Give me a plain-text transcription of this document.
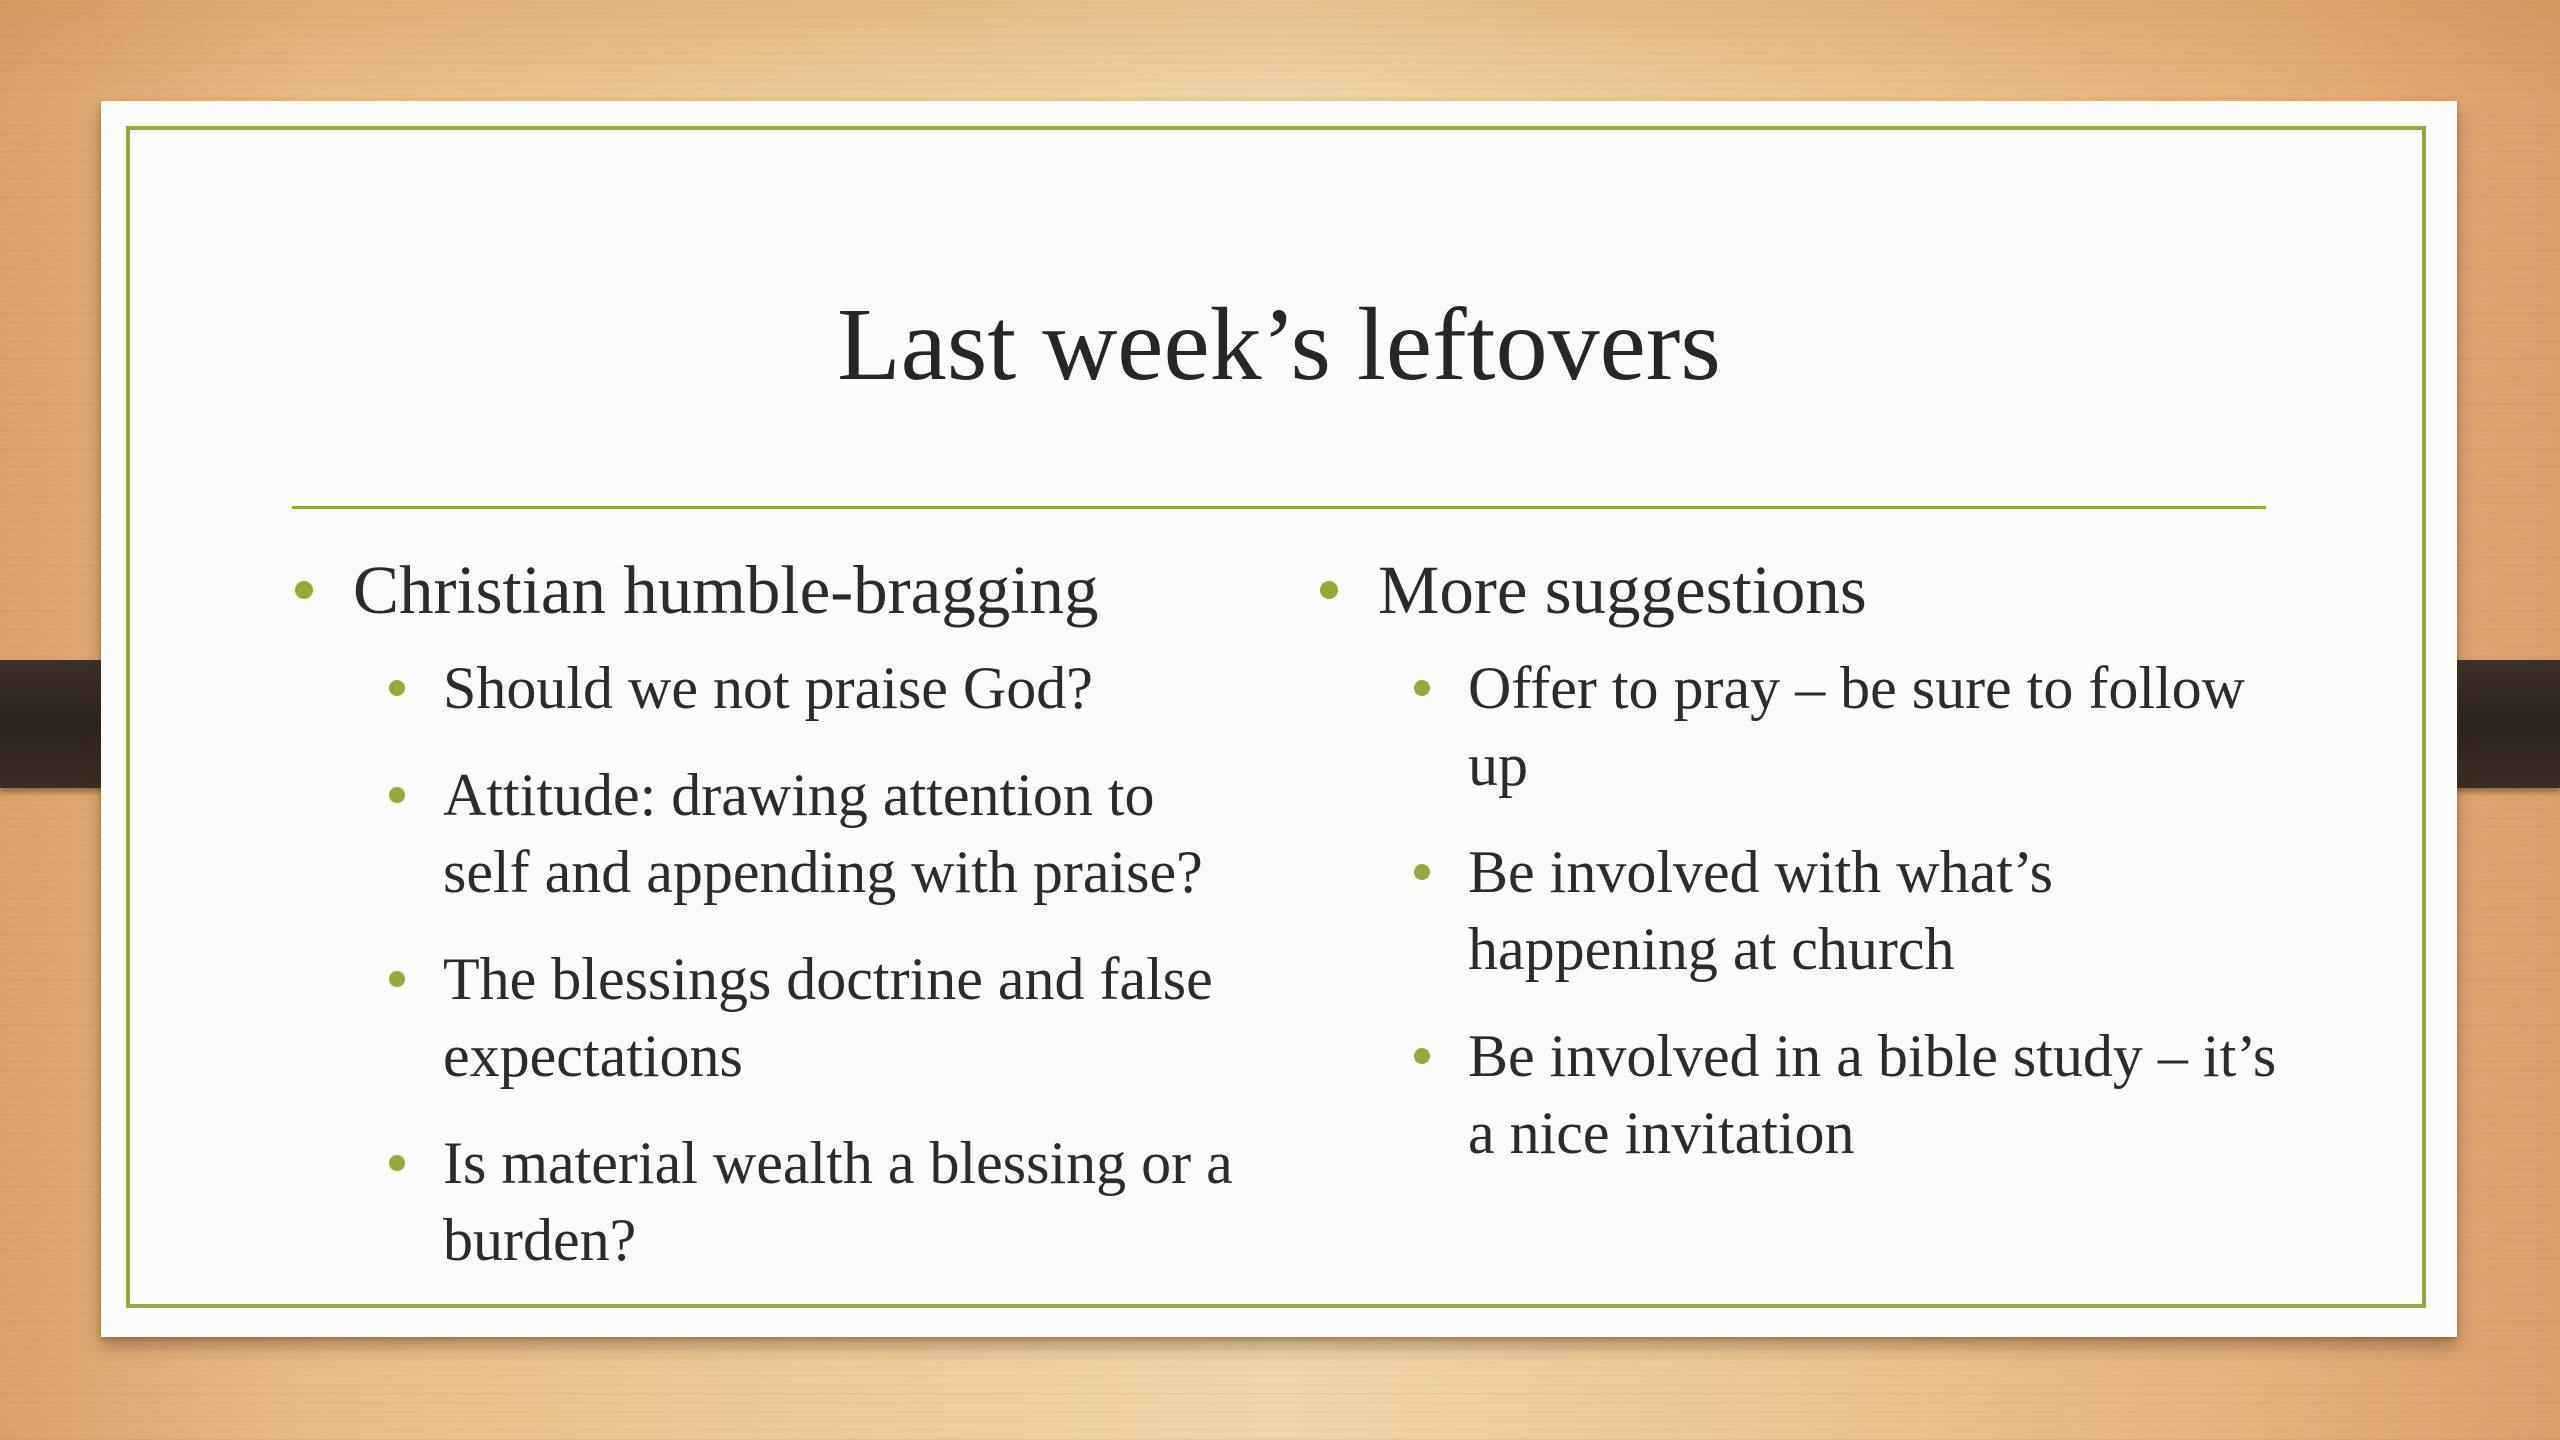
Last week’s leftovers
Christian humble-bragging
Should we not praise God?
Attitude: drawing attention to self and appending with praise?
The blessings doctrine and false expectations
Is material wealth a blessing or a burden?
More suggestions
Offer to pray – be sure to follow up
Be involved with what’s happening at church
Be involved in a bible study – it’s a nice invitation
